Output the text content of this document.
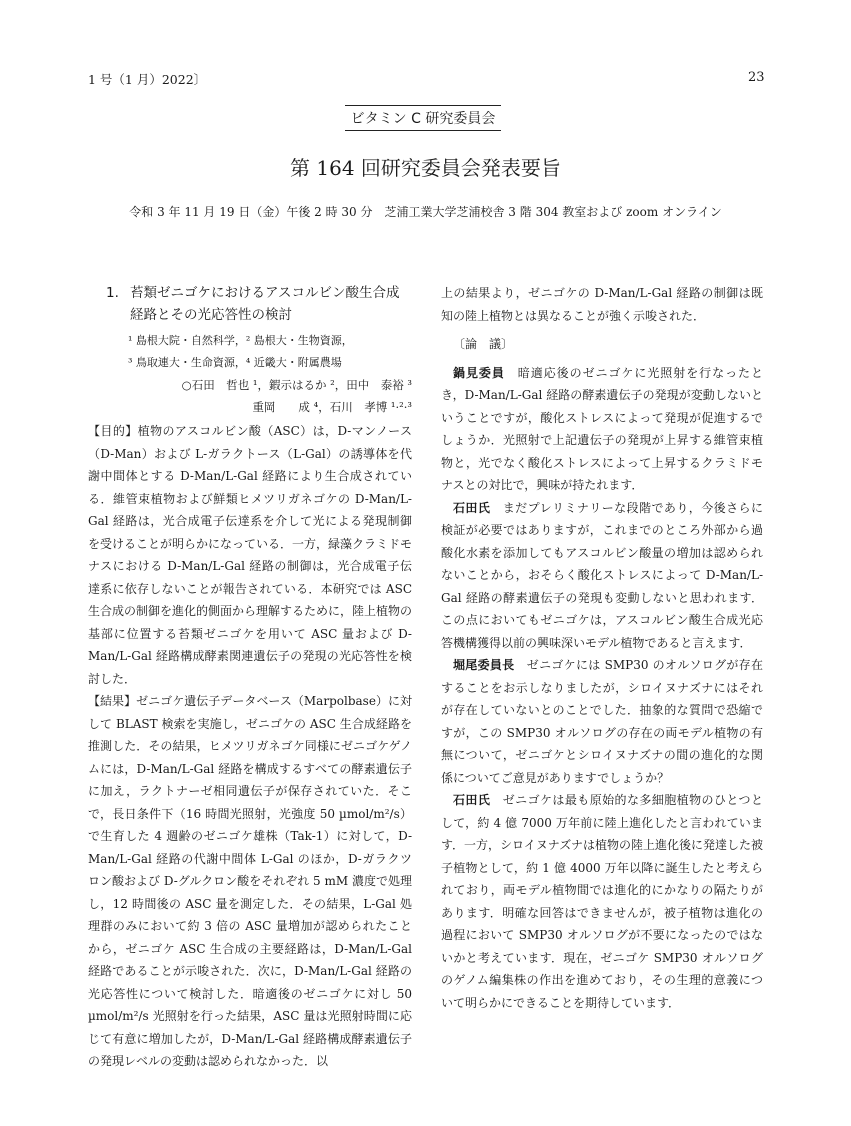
1 号（1 月）2022〕	23
ビタミン C 研究委員会
第 164 回研究委員会発表要旨
令和 3 年 11 月 19 日（金）午後 2 時 30 分　芝浦工業大学芝浦校舎 3 階 304 教室および zoom オンライン
1. 苔類ゼニゴケにおけるアスコルビン酸生合成経路とその光応答性の検討
¹ 島根大院・自然科学，² 島根大・生物資源，
³ 鳥取連大・生命資源，⁴ 近畿大・附属農場
○石田　哲也 ¹，鍜示はるか ²，田中　泰裕 ³
重岡　　成 ⁴，石川　孝博 ¹·²·³
【目的】植物のアスコルビン酸（ASC）は，D-マンノース（D-Man）および L-ガラクトース（L-Gal）の誘導体を代謝中間体とする D-Man/L-Gal 経路により生合成されている．維管束植物および鮮類ヒメツリガネゴケの D-Man/L-Gal 経路は，光合成電子伝達系を介して光による発現制御を受けることが明らかになっている．一方，緑藻クラミドモナスにおける D-Man/L-Gal 経路の制御は，光合成電子伝達系に依存しないことが報告されている．本研究では ASC 生合成の制御を進化的側面から理解するために，陸上植物の基部に位置する苔類ゼニゴケを用いて ASC 量および D-Man/L-Gal 経路構成酵素関連遺伝子の発現の光応答性を検討した．
【結果】ゼニゴケ遺伝子データベース（Marpolbase）に対して BLAST 検索を実施し，ゼニゴケの ASC 生合成経路を推測した．その結果，ヒメツリガネゴケ同様にゼニゴケゲノムには，D-Man/L-Gal 経路を構成するすべての酵素遺伝子に加え，ラクトナーゼ相同遺伝子が保存されていた．そこで，長日条件下（16 時間光照射，光強度 50 µmol/m²/s）で生育した 4 週齢のゼニゴケ雄株（Tak-1）に対して，D-Man/L-Gal 経路の代謝中間体 L-Gal のほか，D-ガラクツロン酸および D-グルクロン酸をそれぞれ 5 mM 濃度で処理し，12 時間後の ASC 量を測定した．その結果，L-Gal 処理群のみにおいて約 3 倍の ASC 量増加が認められたことから，ゼニゴケ ASC 生合成の主要経路は，D-Man/L-Gal 経路であることが示唆された．次に，D-Man/L-Gal 経路の光応答性について検討した．暗適後のゼニゴケに対し 50 µmol/m²/s 光照射を行った結果，ASC 量は光照射時間に応じて有意に増加したが，D-Man/L-Gal 経路構成酵素遺伝子の発現レベルの変動は認められなかった．以
上の結果より，ゼニゴケの D-Man/L-Gal 経路の制御は既知の陸上植物とは異なることが強く示唆された．
〔論　議〕
鍋見委員　 暗適応後のゼニゴケに光照射を行なったとき，D-Man/L-Gal 経路の酵素遺伝子の発現が変動しないということですが，酸化ストレスによって発現が促進するでしょうか．光照射で上記遺伝子の発現が上昇する維管束植物と，光でなく酸化ストレスによって上昇するクラミドモナスとの対比で，興味が持たれます．
石田氏　 まだプレリミナリーな段階であり，今後さらに検証が必要ではありますが，これまでのところ外部から過酸化水素を添加してもアスコルビン酸量の増加は認められないことから，おそらく酸化ストレスによって D-Man/L-Gal 経路の酵素遺伝子の発現も変動しないと思われます．この点においてもゼニゴケは，アスコルビン酸生合成光応答機構獲得以前の興味深いモデル植物であると言えます．
堀尾委員長　 ゼニゴケには SMP30 のオルソログが存在することをお示しなりましたが，シロイヌナズナにはそれが存在していないとのことでした．抽象的な質問で恐縮ですが，この SMP30 オルソログの存在の両モデル植物の有無について，ゼニゴケとシロイヌナズナの間の進化的な関係についてご意見がありますでしょうか？
石田氏　 ゼニゴケは最も原始的な多細胞植物のひとつとして，約 4 億 7000 万年前に陸上進化したと言われています．一方，シロイヌナズナは植物の陸上進化後に発達した被子植物として，約 1 億 4000 万年以降に誕生したと考えられており，両モデル植物間では進化的にかなりの隔たりがあります．明確な回答はできませんが，被子植物は進化の過程において SMP30 オルソログが不要になったのではないかと考えています．現在，ゼニゴケ SMP30 オルソログのゲノム編集株の作出を進めており，その生理的意義について明らかにできることを期待しています．
